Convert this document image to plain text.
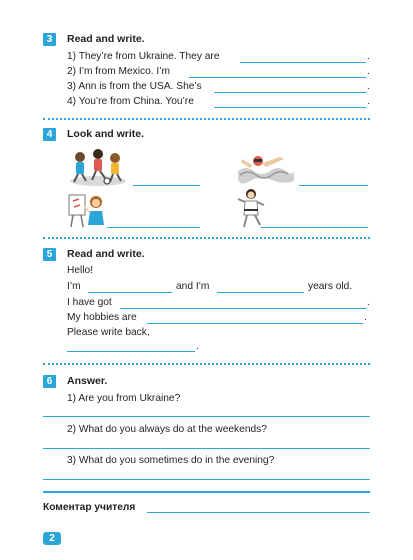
3	Read and write.
1) They’re from Ukraine. They are	.
2) I’m from Mexico. I’m	.
3) Ann is from the USA. She’s	.
4) You’re from China. You’re	.
4	Look and write.
5	Read and write.
Hello!
I’m	and I’m	years old.
I have got	.
My hobbies are	.
Please write back,
.
6	Answer.
1) Are you from Ukraine?
2) What do you always do at the weekends?
3) What do you sometimes do in the evening?
Коментар учителя
2
